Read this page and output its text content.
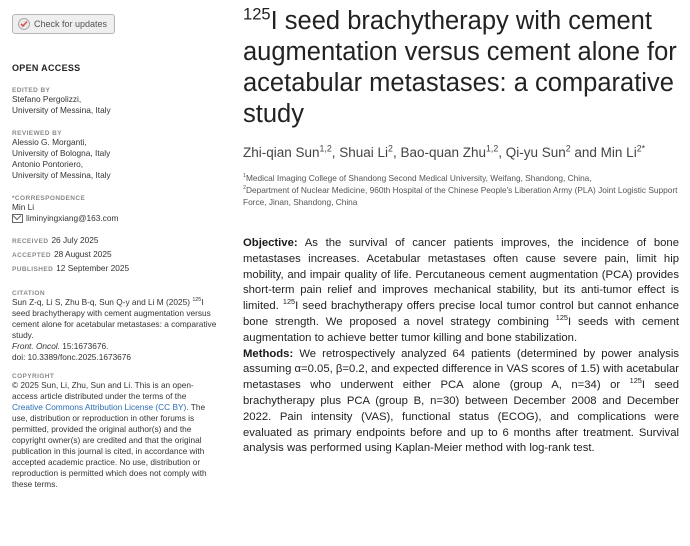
Check for updates
OPEN ACCESS
EDITED BY
Stefano Pergolizzi,
University of Messina, Italy
REVIEWED BY
Alessio G. Morganti,
University of Bologna, Italy
Antonio Pontoriero,
University of Messina, Italy
*CORRESPONDENCE
Min Li
liminyingxiang@163.com
RECEIVED 26 July 2025
ACCEPTED 28 August 2025
PUBLISHED 12 September 2025
CITATION
Sun Z-q, Li S, Zhu B-q, Sun Q-y and Li M (2025) $^{125}$I seed brachytherapy with cement augmentation versus cement alone for acetabular metastases: a comparative study.
Front. Oncol. 15:1673676.
doi: 10.3389/fonc.2025.1673676
COPYRIGHT
© 2025 Sun, Li, Zhu, Sun and Li. This is an open-access article distributed under the terms of the Creative Commons Attribution License (CC BY). The use, distribution or reproduction in other forums is permitted, provided the original author(s) and the copyright owner(s) are credited and that the original publication in this journal is cited, in accordance with accepted academic practice. No use, distribution or reproduction is permitted which does not comply with these terms.
$^{125}$I seed brachytherapy with cement augmentation versus cement alone for acetabular metastases: a comparative study
Zhi-qian Sun$^{1,2}$, Shuai Li$^2$, Bao-quan Zhu$^{1,2}$, Qi-yu Sun$^2$ and Min $Li^{2*}$
$^1$Medical Imaging College of Shandong Second Medical University, Weifang, Shandong, China,
$^2$Department of Nuclear Medicine, 960th Hospital of the Chinese People's Liberation Army (PLA) Joint Logistic Support Force, Jinan, Shandong, China
Objective: As the survival of cancer patients improves, the incidence of bone metastases increases. Acetabular metastases often cause severe pain, limit hip mobility, and impair quality of life. Percutaneous cement augmentation (PCA) provides short-term pain relief and improves mechanical stability, but its anti-tumor effect is limited. $^{125}$I seed brachytherapy offers precise local tumor control but cannot enhance bone strength. We proposed a novel strategy combining $^{125}$I seeds with cement augmentation to achieve better tumor killing and bone stabilization.
Methods: We retrospectively analyzed 64 patients (determined by power analysis assuming α=0.05, β=0.2, and expected difference in VAS scores of 1.5) with acetabular metastases who underwent either PCA alone (group A, n=34) or $^{125}$I seed brachytherapy plus PCA (group B, n=30) between December 2008 and December 2022. Pain intensity (VAS), functional status (ECOG), and complications were evaluated as primary endpoints before and up to 6 months after treatment. Survival analysis was performed using Kaplan-Meier method with log-rank test.
